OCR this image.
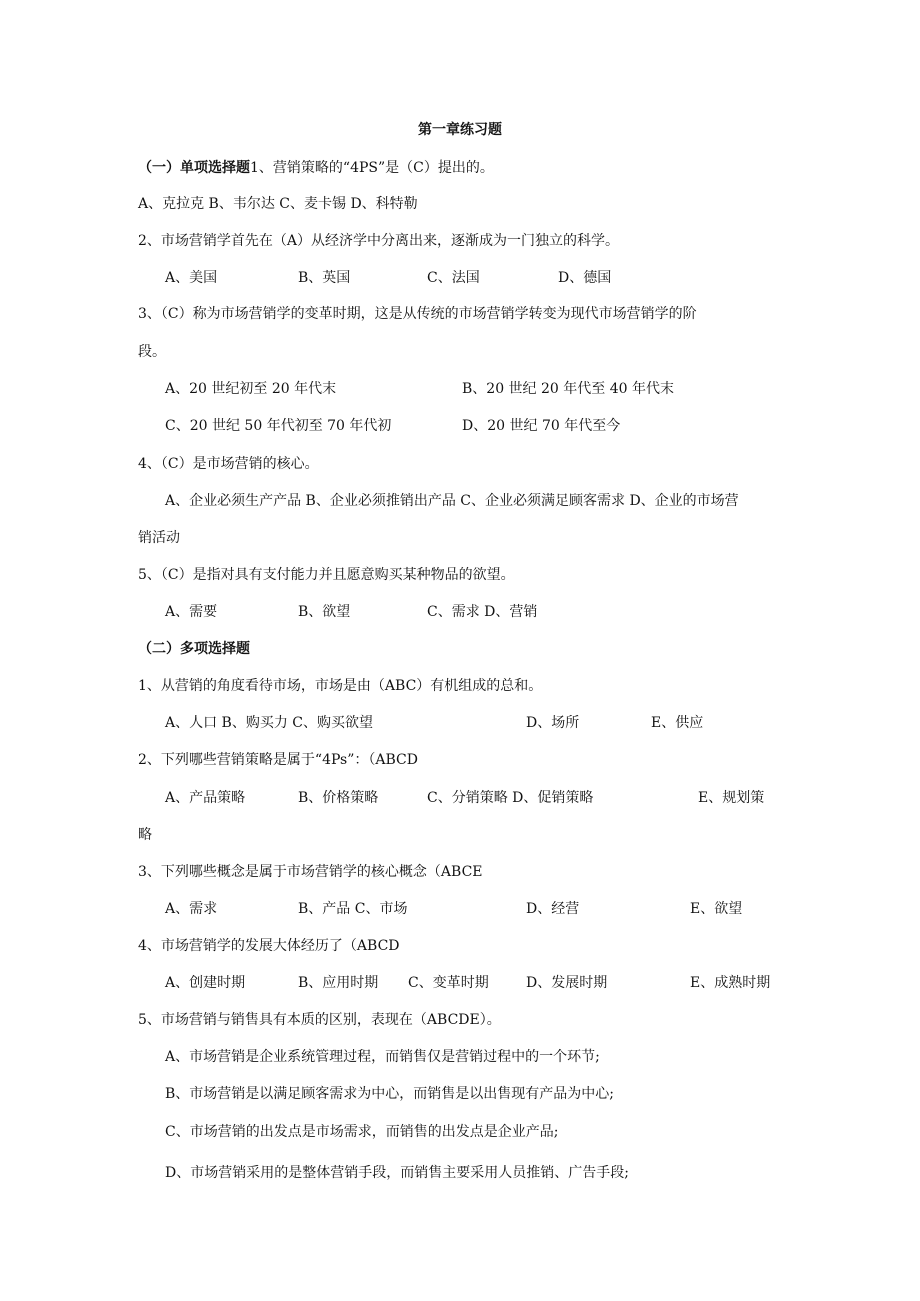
第一章练习题
（一）单项选择题1、营销策略的“4PS”是（C）提出的。
A、克拉克 B、韦尔达 C、麦卡锡 D、科特勒
2、市场营销学首先在（A）从经济学中分离出来，逐渐成为一门独立的科学。
A、美国	B、英国	C、法国	D、德国
3、（C）称为市场营销学的变革时期，这是从传统的市场营销学转变为现代市场营销学的阶
段。
A、20 世纪初至 20 年代末	B、20 世纪 20 年代至 40 年代末
C、20 世纪 50 年代初至 70 年代初	D、20 世纪 70 年代至今
4、（C）是市场营销的核心。
A、企业必须生产产品 B、企业必须推销出产品 C、企业必须满足顾客需求 D、企业的市场营
销活动
5、（C）是指对具有支付能力并且愿意购买某种物品的欲望。
A、需要	B、欲望	C、需求 D、营销
（二）多项选择题
1、从营销的角度看待市场，市场是由（ABC）有机组成的总和。
A、人口 B、购买力 C、购买欲望	D、场所	E、供应
2、下列哪些营销策略是属于“4Ps”：（ABCD
A、产品策略	B、价格策略	C、分销策略 D、促销策略	E、规划策
略
3、下列哪些概念是属于市场营销学的核心概念（ABCE
A、需求	B、产品 C、市场	D、经营	E、欲望
4、市场营销学的发展大体经历了（ABCD
A、创建时期	B、应用时期 C、变革时期	D、发展时期	E、成熟时期
5、市场营销与销售具有本质的区别，表现在（ABCDE）。
A、市场营销是企业系统管理过程，而销售仅是营销过程中的一个环节;
B、市场营销是以满足顾客需求为中心，而销售是以出售现有产品为中心;
C、市场营销的出发点是市场需求，而销售的出发点是企业产品;
D、市场营销采用的是整体营销手段，而销售主要采用人员推销、广告手段;
